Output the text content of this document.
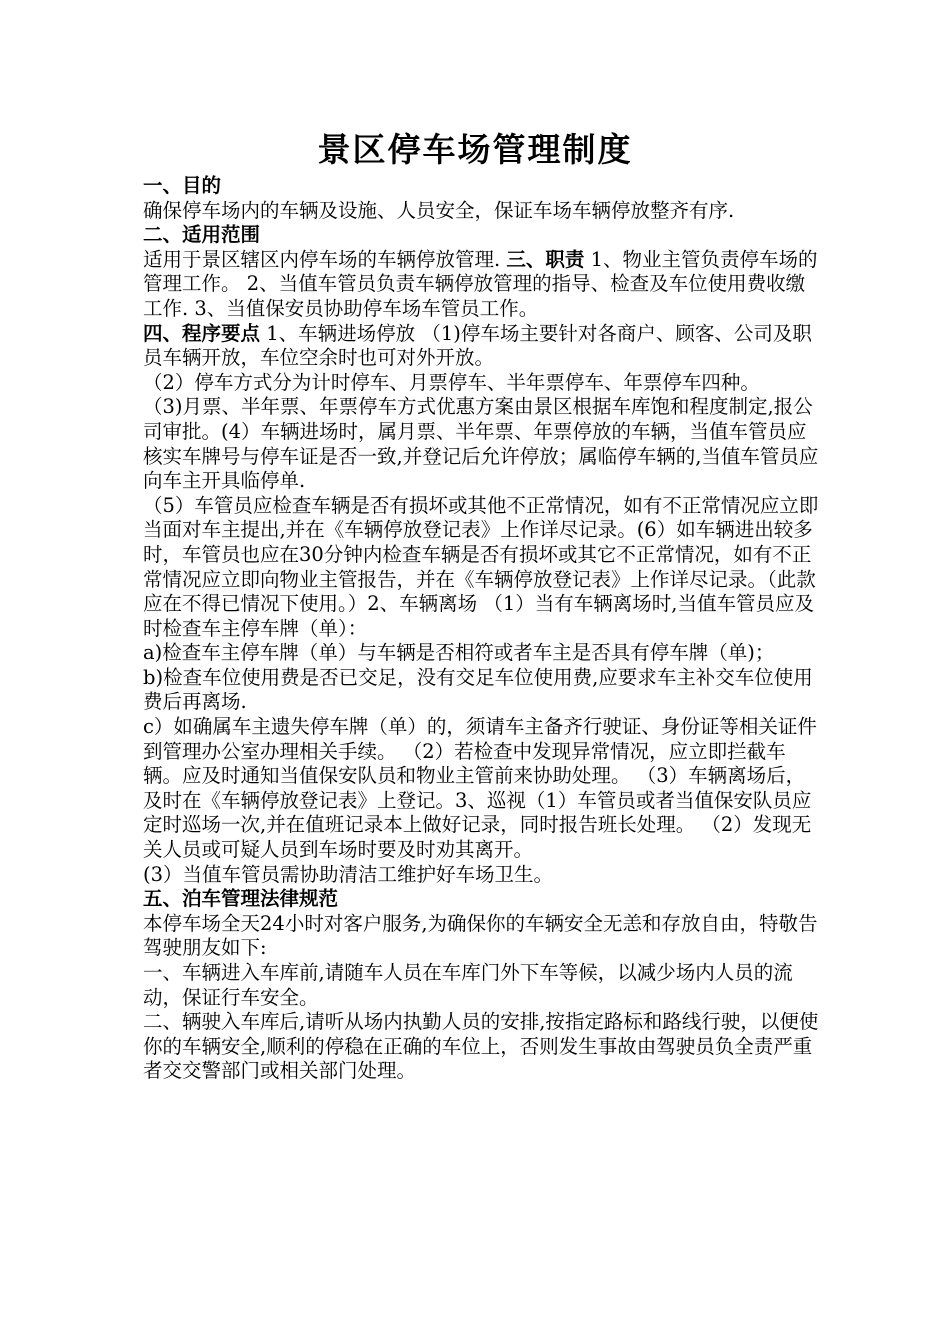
景区停车场管理制度

一、目的

确保停车场内的车辆及设施、人员安全，保证车场车辆停放整齐有序.

二、适用范围

适用于景区辖区内停车场的车辆停放管理. 三、职责 1、物业主管负责停车场的管理工作。 2、当值车管员负责车辆停放管理的指导、检查及车位使用费收缴工作. 3、当值保安员协助停车场车管员工作。

四、程序要点 1、车辆进场停放 （1)停车场主要针对各商户、顾客、公司及职员车辆开放，车位空余时也可对外开放。

（2）停车方式分为计时停车、月票停车、半年票停车、年票停车四种。

（3)月票、半年票、年票停车方式优惠方案由景区根据车库饱和程度制定,报公司审批。(4）车辆进场时，属月票、半年票、年票停放的车辆，当值车管员应核实车牌号与停车证是否一致,并登记后允许停放；属临停车辆的,当值车管员应向车主开具临停单.

（5）车管员应检查车辆是否有损坏或其他不正常情况，如有不正常情况应立即当面对车主提出,并在《车辆停放登记表》上作详尽记录。(6）如车辆进出较多时，车管员也应在30分钟内检查车辆是否有损坏或其它不正常情况，如有不正常情况应立即向物业主管报告，并在《车辆停放登记表》上作详尽记录。（此款应在不得已情况下使用。）2、车辆离场 （1）当有车辆离场时,当值车管员应及时检查车主停车牌（单）：

a)检查车主停车牌（单）与车辆是否相符或者车主是否具有停车牌（单)；

b)检查车位使用费是否已交足，没有交足车位使用费,应要求车主补交车位使用费后再离场.

c）如确属车主遗失停车牌（单）的，须请车主备齐行驶证、身份证等相关证件到管理办公室办理相关手续。 （2）若检查中发现异常情况，应立即拦截车辆。应及时通知当值保安队员和物业主管前来协助处理。 （3）车辆离场后，及时在《车辆停放登记表》上登记。3、巡视（1）车管员或者当值保安队员应定时巡场一次,并在值班记录本上做好记录，同时报告班长处理。 （2）发现无关人员或可疑人员到车场时要及时劝其离开。

(3）当值车管员需协助清洁工维护好车场卫生。

五、泊车管理法律规范

本停车场全天24小时对客户服务,为确保你的车辆安全无恙和存放自由，特敬告驾驶朋友如下:

一、车辆进入车库前,请随车人员在车库门外下车等候，以减少场内人员的流动，保证行车安全。

二、辆驶入车库后,请听从场内执勤人员的安排,按指定路标和路线行驶，以便使你的车辆安全,顺利的停稳在正确的车位上，否则发生事故由驾驶员负全责严重者交交警部门或相关部门处理。
